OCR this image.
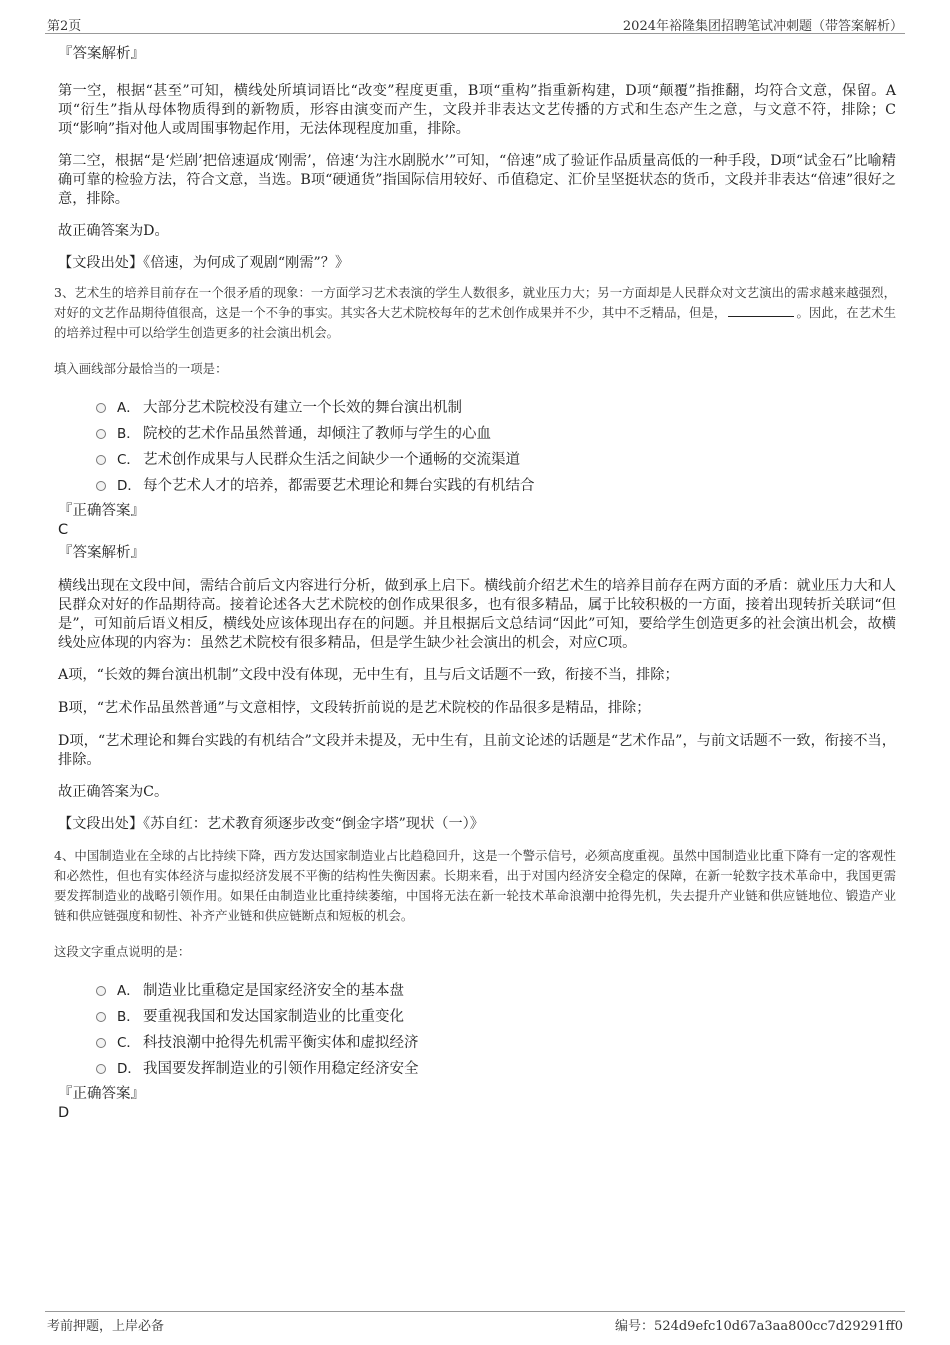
第2页	2024年裕隆集团招聘笔试冲刺题（带答案解析）
『答案解析』

第一空，根据“甚至”可知，横线处所填词语比“改变”程度更重，B项“重构”指重新构建，D项“颠覆”指推翻，均符合文意，保留。A项“衍生”指从母体物质得到的新物质，形容由演变而产生，文段并非表达文艺传播的方式和生态产生之意，与文意不符，排除；C项“影响”指对他人或周围事物起作用，无法体现程度加重，排除。

第二空，根据“是‘烂剧’把倍速逼成‘刚需’，倍速‘为注水剧脱水’”可知，“倍速”成了验证作品质量高低的一种手段，D项“试金石”比喻精确可靠的检验方法，符合文意，当选。B项“硬通货”指国际信用较好、币值稳定、汇价呈坚挺状态的货币，文段并非表达“倍速”很好之意，排除。

故正确答案为D。

【文段出处】《倍速，为何成了观剧“刚需”？》

3、艺术生的培养目前存在一个很矛盾的现象：一方面学习艺术表演的学生人数很多，就业压力大；另一方面却是人民群众对文艺演出的需求越来越强烈，对好的文艺作品期待值很高，这是一个不争的事实。其实各大艺术院校每年的艺术创作成果并不少，其中不乏精品，但是，	。因此，在艺术生的培养过程中可以给学生创造更多的社会演出机会。
填入画线部分最恰当的一项是：
A． 大部分艺术院校没有建立一个长效的舞台演出机制
B． 院校的艺术作品虽然普通，却倾注了教师与学生的心血
C． 艺术创作成果与人民群众生活之间缺少一个通畅的交流渠道
D． 每个艺术人才的培养，都需要艺术理论和舞台实践的有机结合
『正确答案』
C
『答案解析』

横线出现在文段中间，需结合前后文内容进行分析，做到承上启下。横线前介绍艺术生的培养目前存在两方面的矛盾：就业压力大和人民群众对好的作品期待高。接着论述各大艺术院校的创作成果很多，也有很多精品，属于比较积极的一方面，接着出现转折关联词“但是”，可知前后语义相反，横线处应该体现出存在的问题。并且根据后文总结词“因此”可知，要给学生创造更多的社会演出机会，故横线处应体现的内容为：虽然艺术院校有很多精品，但是学生缺少社会演出的机会，对应C项。

A项，“长效的舞台演出机制”文段中没有体现，无中生有，且与后文话题不一致，衔接不当，排除；

B项，“艺术作品虽然普通”与文意相悖，文段转折前说的是艺术院校的作品很多是精品，排除；

D项，“艺术理论和舞台实践的有机结合”文段并未提及，无中生有，且前文论述的话题是“艺术作品”，与前文话题不一致，衔接不当，排除。

故正确答案为C。

【文段出处】《苏自红：艺术教育须逐步改变“倒金字塔”现状（一）》

4、中国制造业在全球的占比持续下降，西方发达国家制造业占比趋稳回升，这是一个警示信号，必须高度重视。虽然中国制造业比重下降有一定的客观性和必然性，但也有实体经济与虚拟经济发展不平衡的结构性失衡因素。长期来看，出于对国内经济安全稳定的保障，在新一轮数字技术革命中，我国更需要发挥制造业的战略引领作用。如果任由制造业比重持续萎缩，中国将无法在新一轮技术革命浪潮中抢得先机，失去提升产业链和供应链地位、锻造产业链和供应链强度和韧性、补齐产业链和供应链断点和短板的机会。
这段文字重点说明的是：
A． 制造业比重稳定是国家经济安全的基本盘
B． 要重视我国和发达国家制造业的比重变化
C． 科技浪潮中抢得先机需平衡实体和虚拟经济
D． 我国要发挥制造业的引领作用稳定经济安全
『正确答案』
D
考前押题，上岸必备	编号：524d9efc10d67a3aa800cc7d29291ff0
